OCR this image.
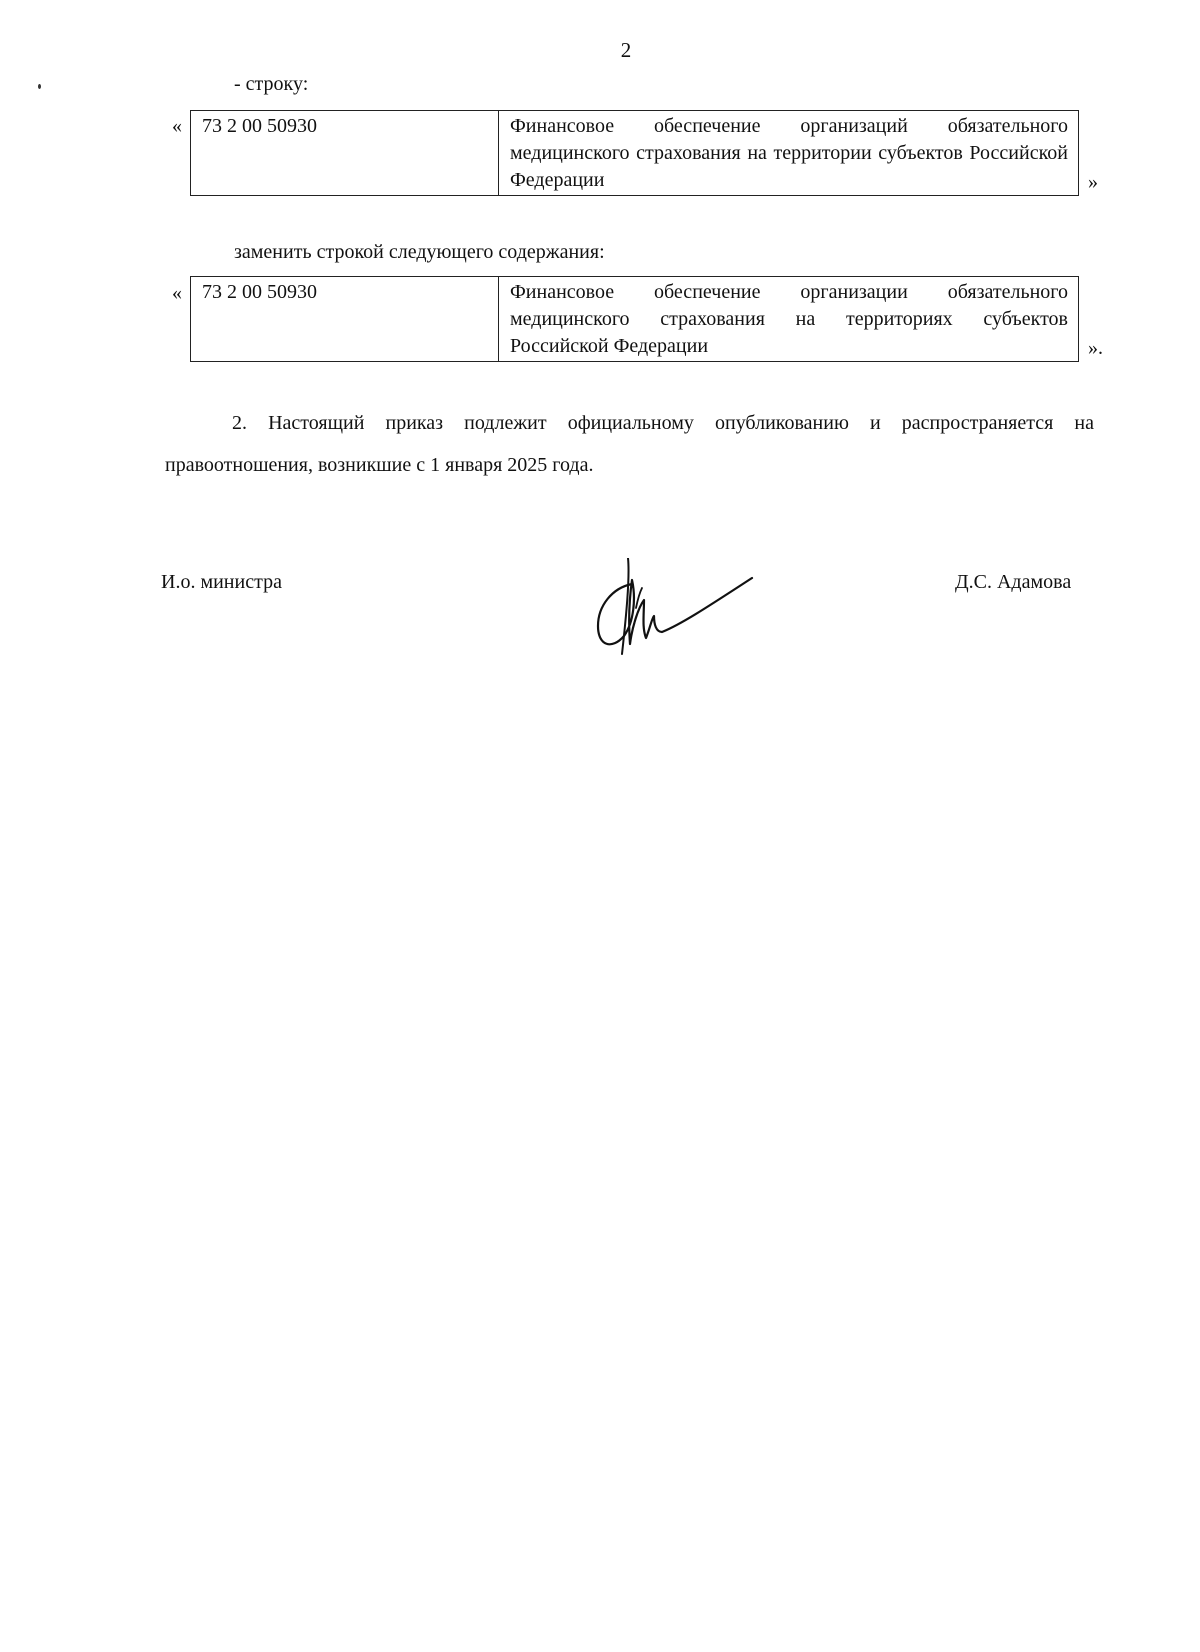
2
- строку:
« 73 2 00 50930	Финансовое обеспечение организаций обязательного медицинского страхования на территории субъектов Российской Федерации	»
заменить строкой следующего содержания:
« 73 2 00 50930	Финансовое обеспечение организации обязательного медицинского страхования на территориях субъектов Российской Федерации	».
2. Настоящий приказ подлежит официальному опубликованию и распространяется на правоотношения, возникшие с 1 января 2025 года.
И.о. министра	Д.С. Адамова
